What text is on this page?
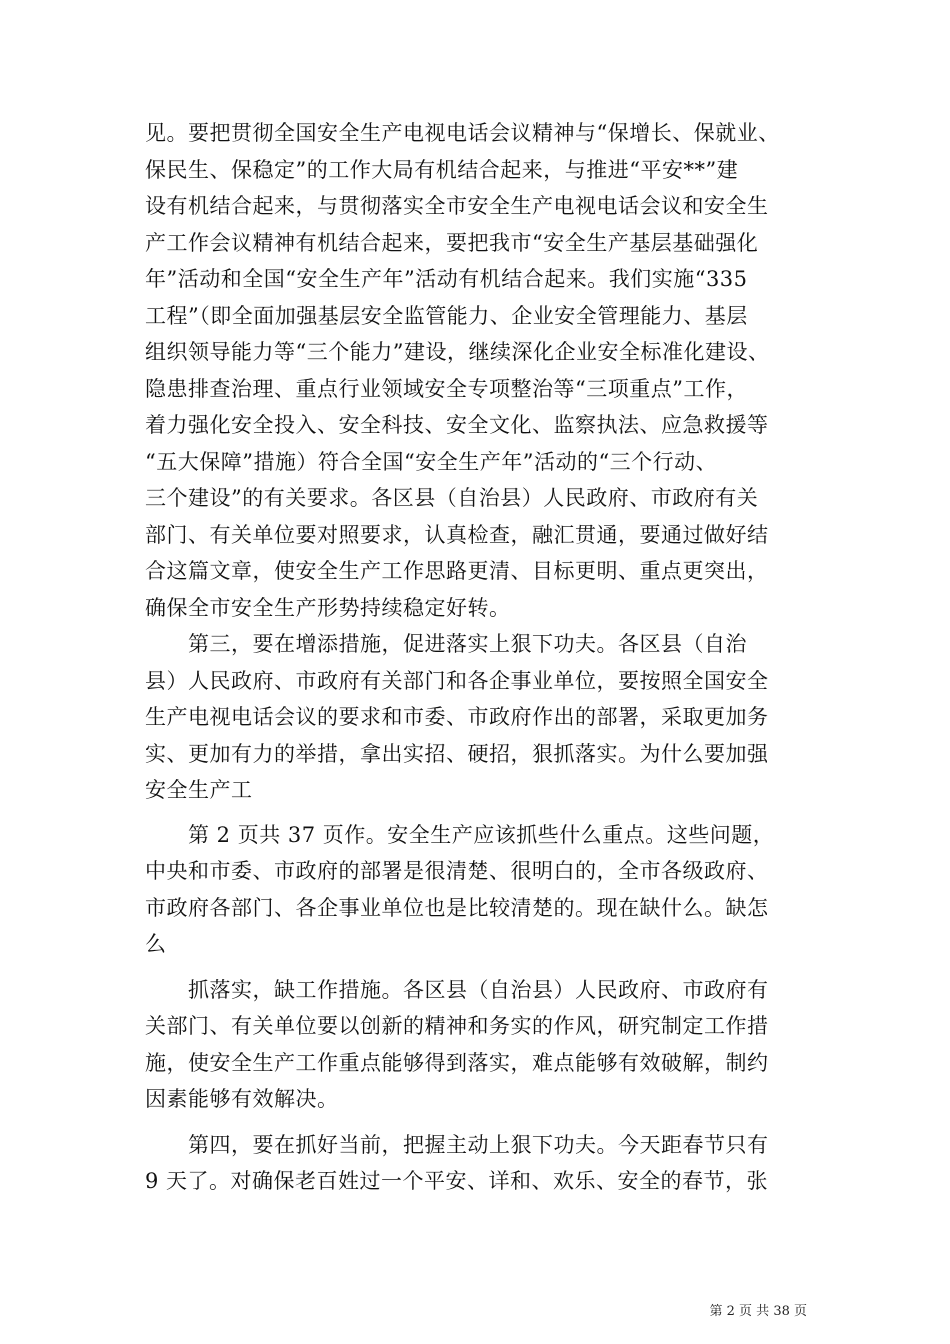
见。要把贯彻全国安全生产电视电话会议精神与“保增长、保就业、
保民生、保稳定”的工作大局有机结合起来，与推进“平安**”建
设有机结合起来，与贯彻落实全市安全生产电视电话会议和安全生
产工作会议精神有机结合起来，要把我市“安全生产基层基础强化
年”活动和全国“安全生产年”活动有机结合起来。我们实施“335
工程”（即全面加强基层安全监管能力、企业安全管理能力、基层
组织领导能力等“三个能力”建设，继续深化企业安全标准化建设、
隐患排查治理、重点行业领域安全专项整治等“三项重点”工作，
着力强化安全投入、安全科技、安全文化、监察执法、应急救援等
“五大保障”措施）符合全国“安全生产年”活动的“三个行动、
三个建设”的有关要求。各区县（自治县）人民政府、市政府有关
部门、有关单位要对照要求，认真检查，融汇贯通，要通过做好结
合这篇文章，使安全生产工作思路更清、目标更明、重点更突出，
确保全市安全生产形势持续稳定好转。
　　第三，要在增添措施，促进落实上狠下功夫。各区县（自治
县）人民政府、市政府有关部门和各企事业单位，要按照全国安全
生产电视电话会议的要求和市委、市政府作出的部署，采取更加务
实、更加有力的举措，拿出实招、硬招，狠抓落实。为什么要加强
安全生产工
　　第 2 页共 37 页作。安全生产应该抓些什么重点。这些问题，
中央和市委、市政府的部署是很清楚、很明白的，全市各级政府、
市政府各部门、各企事业单位也是比较清楚的。现在缺什么。缺怎
么
　　抓落实，缺工作措施。各区县（自治县）人民政府、市政府有
关部门、有关单位要以创新的精神和务实的作风，研究制定工作措
施，使安全生产工作重点能够得到落实，难点能够有效破解，制约
因素能够有效解决。
　　第四，要在抓好当前，把握主动上狠下功夫。今天距春节只有
9 天了。对确保老百姓过一个平安、详和、欢乐、安全的春节，张
第 2 页 共 38 页
